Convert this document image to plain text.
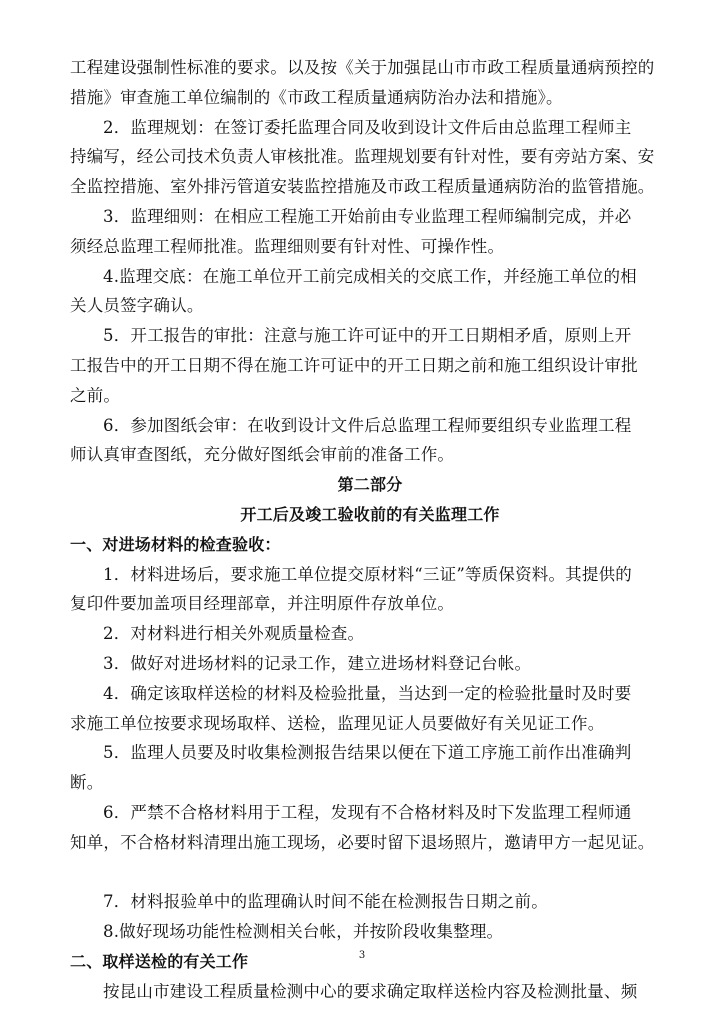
工程建设强制性标准的要求。以及按《关于加强昆山市市政工程质量通病预控的
措施》审查施工单位编制的《市政工程质量通病防治办法和措施》。
2．监理规划：在签订委托监理合同及收到设计文件后由总监理工程师主
持编写，经公司技术负责人审核批准。监理规划要有针对性，要有旁站方案、安
全监控措施、室外排污管道安装监控措施及市政工程质量通病防治的监管措施。
3．监理细则：在相应工程施工开始前由专业监理工程师编制完成，并必
须经总监理工程师批准。监理细则要有针对性、可操作性。
4.监理交底：在施工单位开工前完成相关的交底工作，并经施工单位的相
关人员签字确认。
5．开工报告的审批：注意与施工许可证中的开工日期相矛盾，原则上开
工报告中的开工日期不得在施工许可证中的开工日期之前和施工组织设计审批
之前。
6．参加图纸会审：在收到设计文件后总监理工程师要组织专业监理工程
师认真审查图纸，充分做好图纸会审前的准备工作。
第二部分
开工后及竣工验收前的有关监理工作
一、对进场材料的检查验收：
1．材料进场后，要求施工单位提交原材料“三证”等质保资料。其提供的
复印件要加盖项目经理部章，并注明原件存放单位。
2．对材料进行相关外观质量检查。
3．做好对进场材料的记录工作，建立进场材料登记台帐。
4．确定该取样送检的材料及检验批量，当达到一定的检验批量时及时要
求施工单位按要求现场取样、送检，监理见证人员要做好有关见证工作。
5．监理人员要及时收集检测报告结果以便在下道工序施工前作出准确判
断。
6．严禁不合格材料用于工程，发现有不合格材料及时下发监理工程师通
知单，不合格材料清理出施工现场，必要时留下退场照片，邀请甲方一起见证。
7．材料报验单中的监理确认时间不能在检测报告日期之前。
8.做好现场功能性检测相关台帐，并按阶段收集整理。
二、取样送检的有关工作
按昆山市建设工程质量检测中心的要求确定取样送检内容及检测批量、频
3
